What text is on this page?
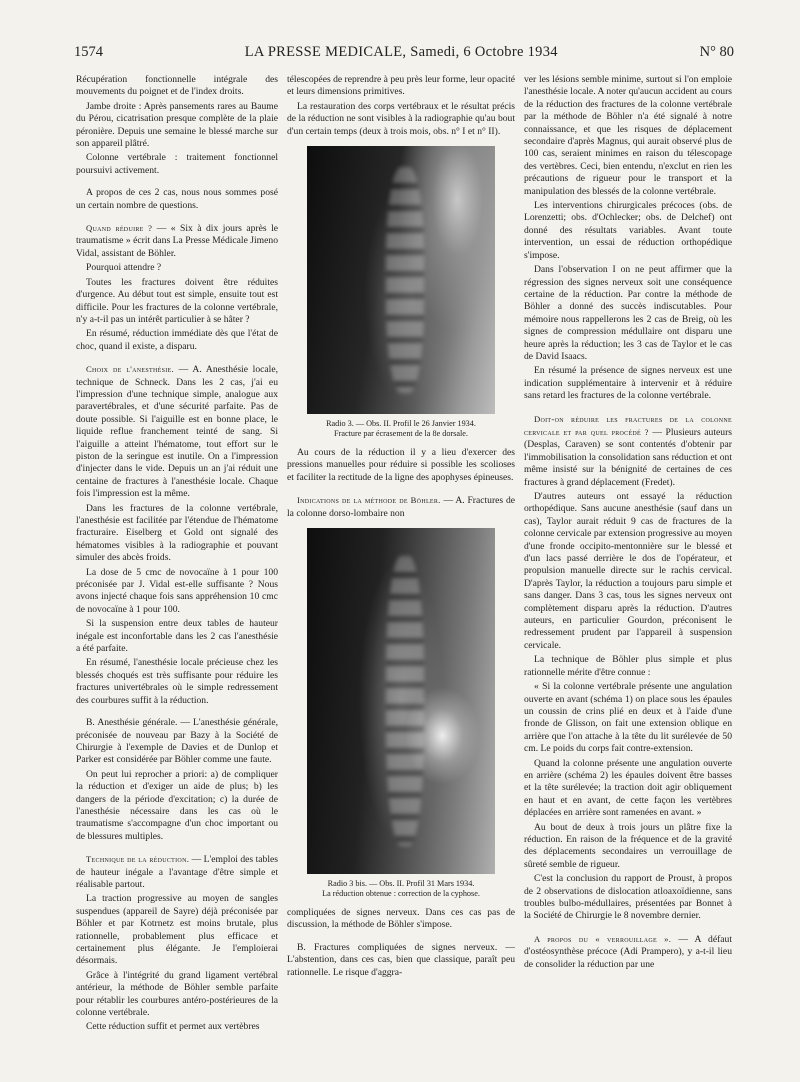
1574	LA PRESSE MEDICALE, Samedi, 6 Octobre 1934	N° 80

Récupération fonctionnelle intégrale des mouvements du poignet et de l'index droits.

Jambe droite : Après pansements rares au Baume du Pérou, cicatrisation presque complète de la plaie péronière. Depuis une semaine le blessé marche sur son appareil plâtré.

Colonne vertébrale : traitement fonctionnel poursuivi activement.

A propos de ces 2 cas, nous nous sommes posé un certain nombre de questions.

Quand réduire ? — « Six à dix jours après le traumatisme » écrit dans La Presse Médicale Jimeno Vidal, assistant de Böhler.

Pourquoi attendre ?

Toutes les fractures doivent être réduites d'urgence. Au début tout est simple, ensuite tout est difficile. Pour les fractures de la colonne vertébrale, n'y a-t-il pas un intérêt particulier à se hâter ?

En résumé, réduction immédiate dès que l'état de choc, quand il existe, a disparu.

Choix de l'anesthésie. — A. Anesthésie locale, technique de Schneck. Dans les 2 cas, j'ai eu l'impression d'une technique simple, analogue aux paravertébrales, et d'une sécurité parfaite. Pas de doute possible. Si l'aiguille est en bonne place, le liquide reflue franchement teinté de sang. Si l'aiguille a atteint l'hématome, tout effort sur le piston de la seringue est inutile. On a l'impression d'injecter dans le vide. Depuis un an j'ai réduit une centaine de fractures à l'anesthésie locale. Chaque fois l'impression est la même.

Dans les fractures de la colonne vertébrale, l'anesthésie est facilitée par l'étendue de l'hématome fracturaire. Eiselberg et Gold ont signalé des hématomes visibles à la radiographie et pouvant simuler des abcès froids.

La dose de 5 cmc de novocaïne à 1 pour 100 préconisée par J. Vidal est-elle suffisante ? Nous avons injecté chaque fois sans appréhension 10 cmc de novocaïne à 1 pour 100.

Si la suspension entre deux tables de hauteur inégale est inconfortable dans les 2 cas l'anesthésie a été parfaite.

En résumé, l'anesthésie locale précieuse chez les blessés choqués est très suffisante pour réduire les fractures univertébrales où le simple redressement des courbures suffit à la réduction.

B. Anesthésie générale. — L'anesthésie générale, préconisée de nouveau par Bazy à la Société de Chirurgie à l'exemple de Davies et de Dunlop et Parker est considérée par Böhler comme une faute.

On peut lui reprocher a priori: a) de compliquer la réduction et d'exiger un aide de plus; b) les dangers de la période d'excitation; c) la durée de l'anesthésie nécessaire dans les cas où le traumatisme s'accompagne d'un choc important ou de blessures multiples.

Technique de la réduction. — L'emploi des tables de hauteur inégale a l'avantage d'être simple et réalisable partout.

La traction progressive au moyen de sangles suspendues (appareil de Sayre) déjà préconisée par Böhler et par Kotrnetz est moins brutale, plus rationnelle, probablement plus efficace et certainement plus élégante. Je l'emploierai désormais.

Grâce à l'intégrité du grand ligament vertébral antérieur, la méthode de Böhler semble parfaite pour rétablir les courbures antéro-postérieures de la colonne vertébrale.

Cette réduction suffit et permet aux vertèbres

télescopées de reprendre à peu près leur forme, leur opacité et leurs dimensions primitives.

La restauration des corps vertébraux et le résultat précis de la réduction ne sont visibles à la radiographie qu'au bout d'un certain temps (deux à trois mois, obs. n° I et n° II).

Radio 3. — Obs. II. Profil le 26 Janvier 1934.
Fracture par écrasement de la 8e dorsale.

Au cours de la réduction il y a lieu d'exercer des pressions manuelles pour réduire si possible les scolioses et faciliter la rectitude de la ligne des apophyses épineuses.

Indications de la méthode de Böhler. — A. Fractures de la colonne dorso-lombaire non

Radio 3 bis. — Obs. II. Profil 31 Mars 1934.
La réduction obtenue : correction de la cyphose.

compliquées de signes nerveux. Dans ces cas pas de discussion, la méthode de Böhler s'impose.

B. Fractures compliquées de signes nerveux. — L'abstention, dans ces cas, bien que classique, paraît peu rationnelle. Le risque d'aggra-

ver les lésions semble minime, surtout si l'on emploie l'anesthésie locale. A noter qu'aucun accident au cours de la réduction des fractures de la colonne vertébrale par la méthode de Böhler n'a été signalé à notre connaissance, et que les risques de déplacement secondaire d'après Magnus, qui aurait observé plus de 100 cas, seraient minimes en raison du télescopage des vertèbres. Ceci, bien entendu, n'exclut en rien les précautions de rigueur pour le transport et la manipulation des blessés de la colonne vertébrale.

Les interventions chirurgicales précoces (obs. de Lorenzetti; obs. d'Ochlecker; obs. de Delchef) ont donné des résultats variables. Avant toute intervention, un essai de réduction orthopédique s'impose.

Dans l'observation I on ne peut affirmer que la régression des signes nerveux soit une conséquence certaine de la réduction. Par contre la méthode de Böhler a donné des succès indiscutables. Pour mémoire nous rappellerons les 2 cas de Breig, où les signes de compression médullaire ont disparu une heure après la réduction; les 3 cas de Taylor et le cas de David Isaacs.

En résumé la présence de signes nerveux est une indication supplémentaire à intervenir et à réduire sans retard les fractures de la colonne vertébrale.

Doit-on réduire les fractures de la colonne cervicale et par quel procédé ? — Plusieurs auteurs (Desplas, Caraven) se sont contentés d'obtenir par l'immobilisation la consolidation sans réduction et ont même insisté sur la bénignité de certaines de ces fractures à grand déplacement (Fredet).

D'autres auteurs ont essayé la réduction orthopédique. Sans aucune anesthésie (sauf dans un cas), Taylor aurait réduit 9 cas de fractures de la colonne cervicale par extension progressive au moyen d'une fronde occipito-mentonnière sur le blessé et d'un lacs passé derrière le dos de l'opérateur, et propulsion manuelle directe sur le rachis cervical. D'après Taylor, la réduction a toujours paru simple et sans danger. Dans 3 cas, tous les signes nerveux ont complètement disparu après la réduction. D'autres auteurs, en particulier Gourdon, préconisent le redressement prudent par l'appareil à suspension cervicale.

La technique de Böhler plus simple et plus rationnelle mérite d'être connue :

« Si la colonne vertébrale présente une angulation ouverte en avant (schéma 1) on place sous les épaules un coussin de crins plié en deux et à l'aide d'une fronde de Glisson, on fait une extension oblique en arrière que l'on attache à la tête du lit surélevée de 50 cm. Le poids du corps fait contre-extension.

Quand la colonne présente une angulation ouverte en arrière (schéma 2) les épaules doivent être basses et la tête surélevée; la traction doit agir obliquement en haut et en avant, de cette façon les vertèbres déplacées en arrière sont ramenées en avant. »

Au bout de deux à trois jours un plâtre fixe la réduction. En raison de la fréquence et de la gravité des déplacements secondaires un verrouillage de sûreté semble de rigueur.

C'est la conclusion du rapport de Proust, à propos de 2 observations de dislocation atloaxoïdienne, sans troubles bulbo-médullaires, présentées par Bonnet à la Société de Chirurgie le 8 novembre dernier.

A propos du « verrouillage ». — A défaut d'ostéosynthèse précoce (Adi Prampero), y a-t-il lieu de consolider la réduction par une
